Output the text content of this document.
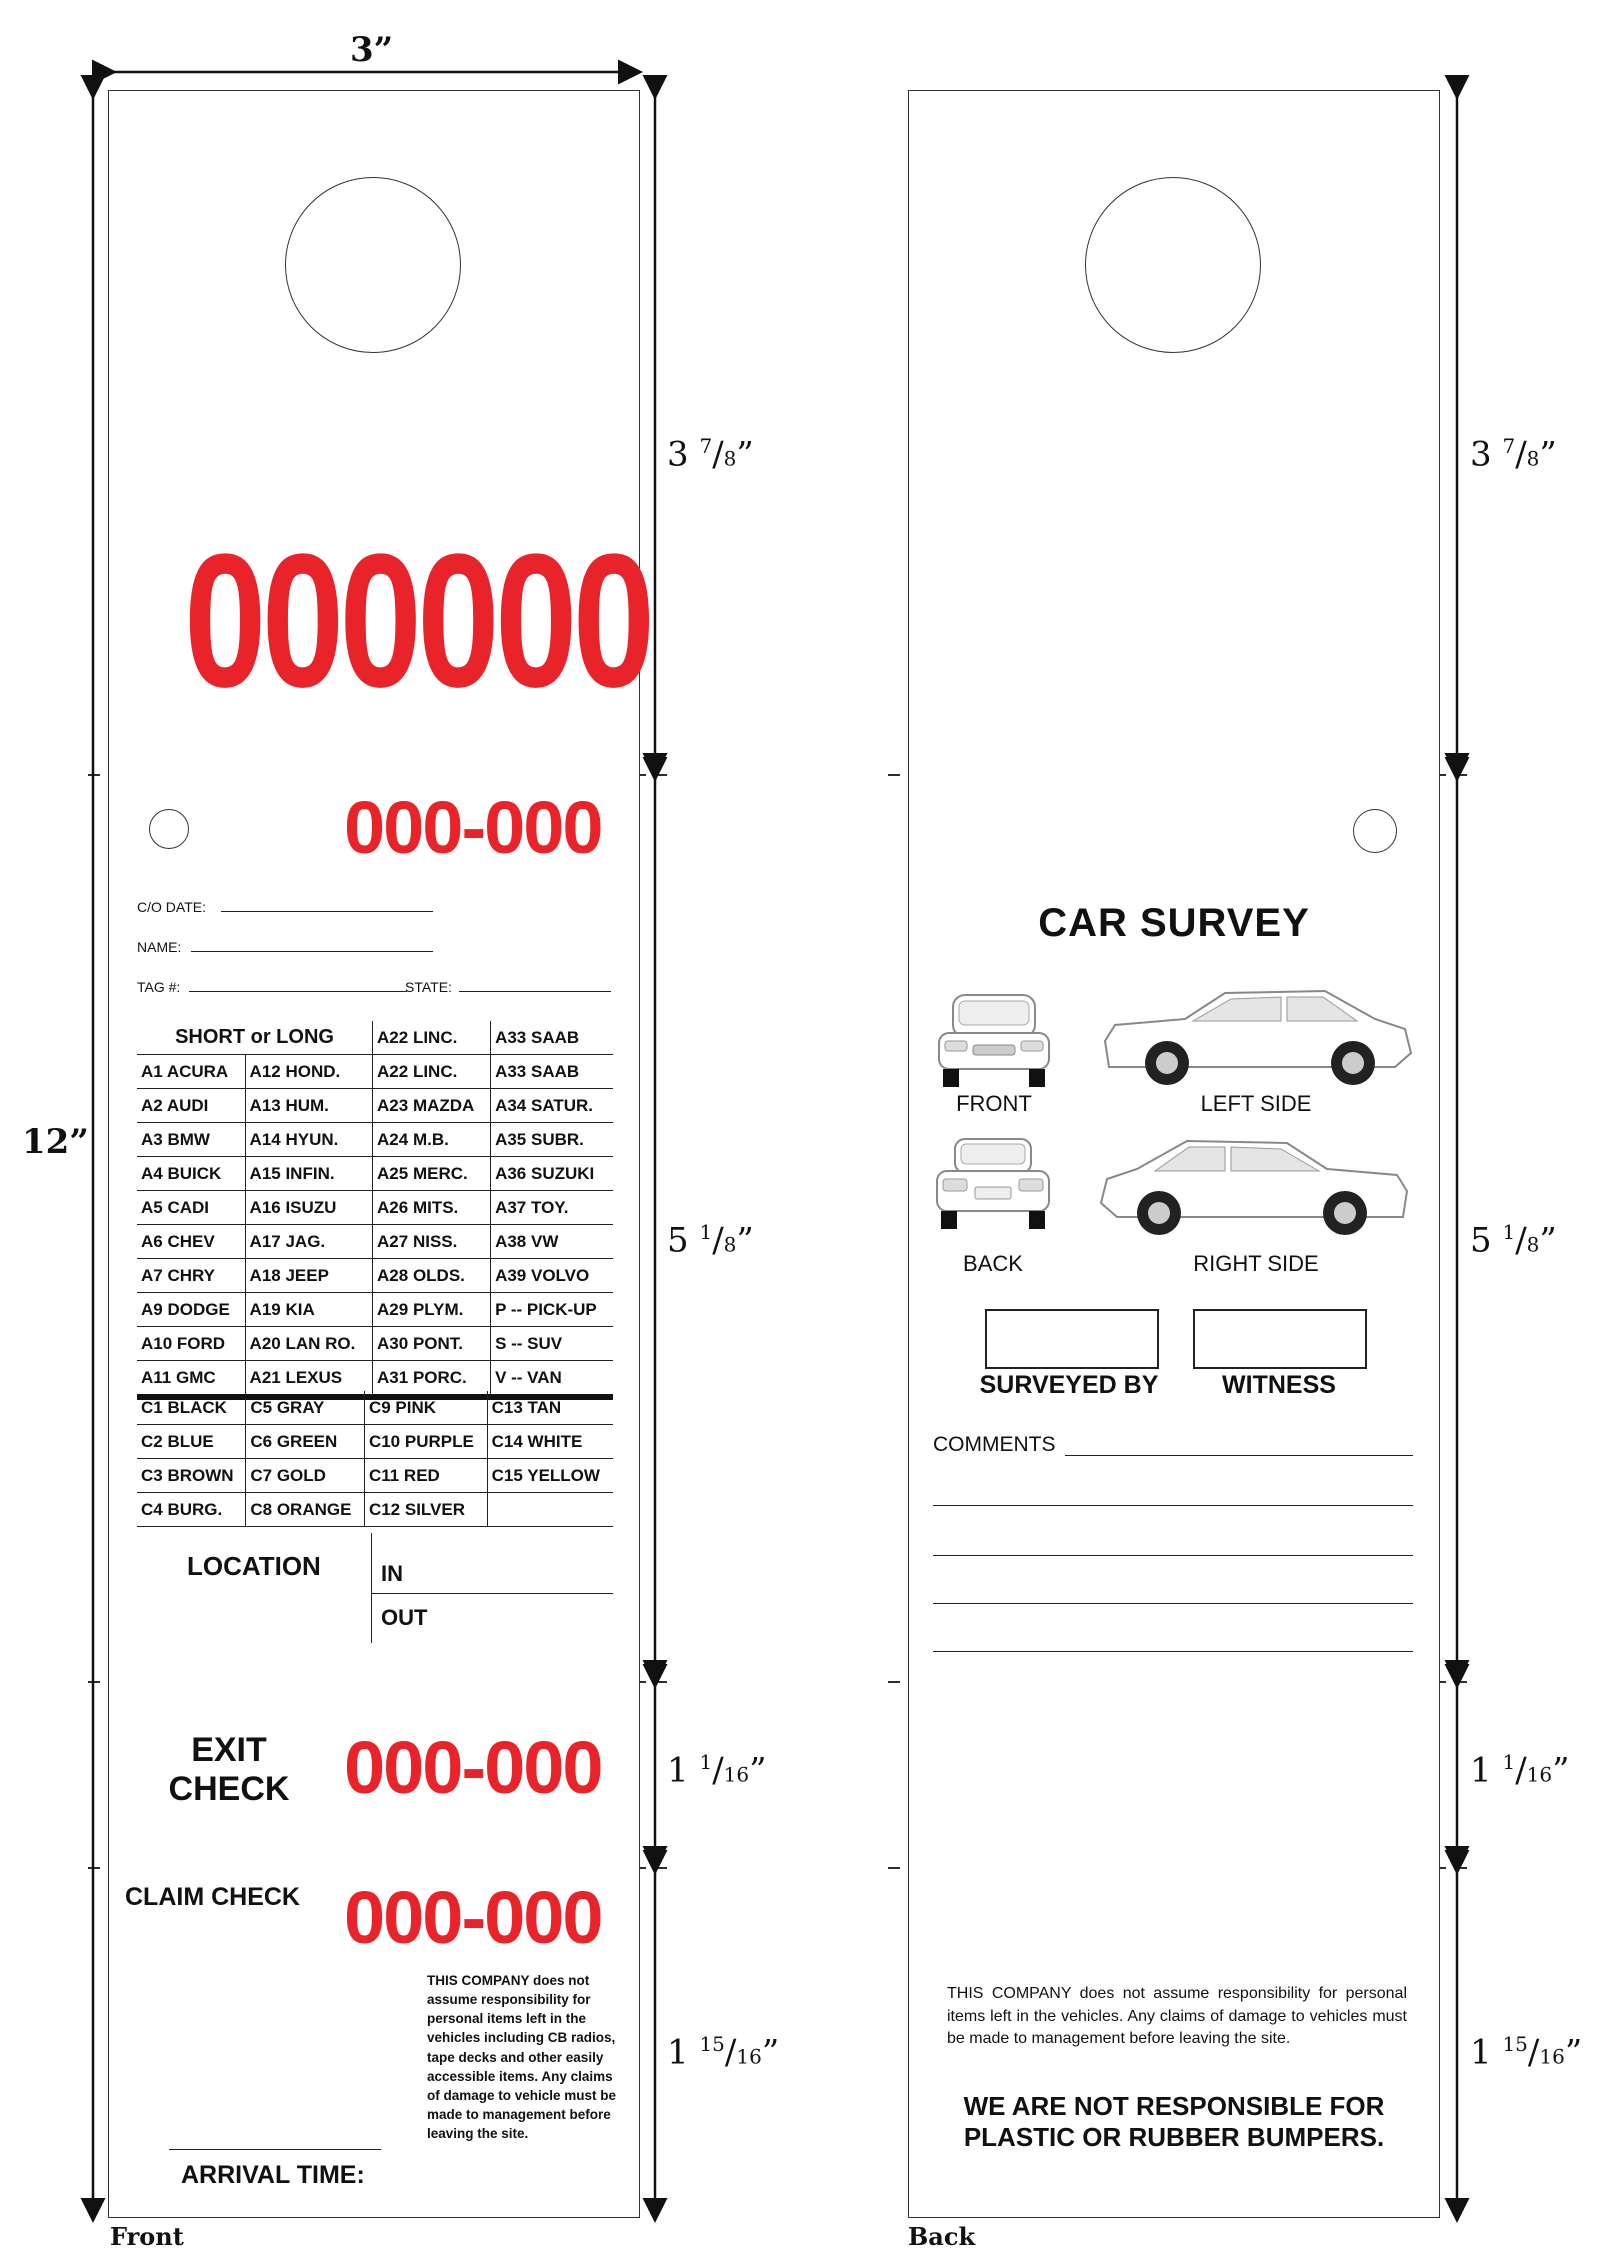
3”
12”
3 $^7$/8”
5 $^1$/8”
1 $^1$/16”
1 $^{15}$/16”
3 $^7$/8”
5 $^1$/8”
1 $^1$/16”
1 $^{15}$/16”
000000
000-000
C/O DATE:
NAME:
TAG #:	STATE:
SHORT or LONG		A22 LINC.	A33 SAAB
A1 ACURA	A12 HOND.	A22 LINC.	A33 SAAB
A2 AUDI	A13 HUM.	A23 MAZDA	A34 SATUR.
A3 BMW	A14 HYUN.	A24 M.B.	A35 SUBR.
A4 BUICK	A15 INFIN.	A25 MERC.	A36 SUZUKI
A5 CADI	A16 ISUZU	A26 MITS.	A37 TOY.
A6 CHEV	A17 JAG.	A27 NISS.	A38 VW
A7 CHRY	A18 JEEP	A28 OLDS.	A39 VOLVO
A9 DODGE	A19 KIA	A29 PLYM.	P -- PICK-UP
A10 FORD	A20 LAN RO.	A30 PONT.	S -- SUV
A11 GMC	A21 LEXUS	A31 PORC.	V -- VAN
C1 BLACK	C5 GRAY	C9 PINK	C13 TAN
C2 BLUE	C6 GREEN	C10 PURPLE	C14 WHITE
C3 BROWN	C7 GOLD	C11 RED	C15 YELLOW
C4 BURG.	C8 ORANGE	C12 SILVER	
LOCATION	IN
OUT
EXIT
CHECK 000-000
CLAIM CHECK 000-000
THIS COMPANY does not assume responsibility for personal items left in the vehicles including CB radios, tape decks and other easily accessible items. Any claims of damage to vehicle must be made to management before leaving the site.
ARRIVAL TIME:
Front
CAR SURVEY
FRONT	LEFT SIDE
BACK	RIGHT SIDE
SURVEYED BY	WITNESS
COMMENTS
THIS COMPANY does not assume responsibility for personal items left in the vehicles. Any claims of damage to vehicles must be made to management before leaving the site.
WE ARE NOT RESPONSIBLE FOR
PLASTIC OR RUBBER BUMPERS.
Back
